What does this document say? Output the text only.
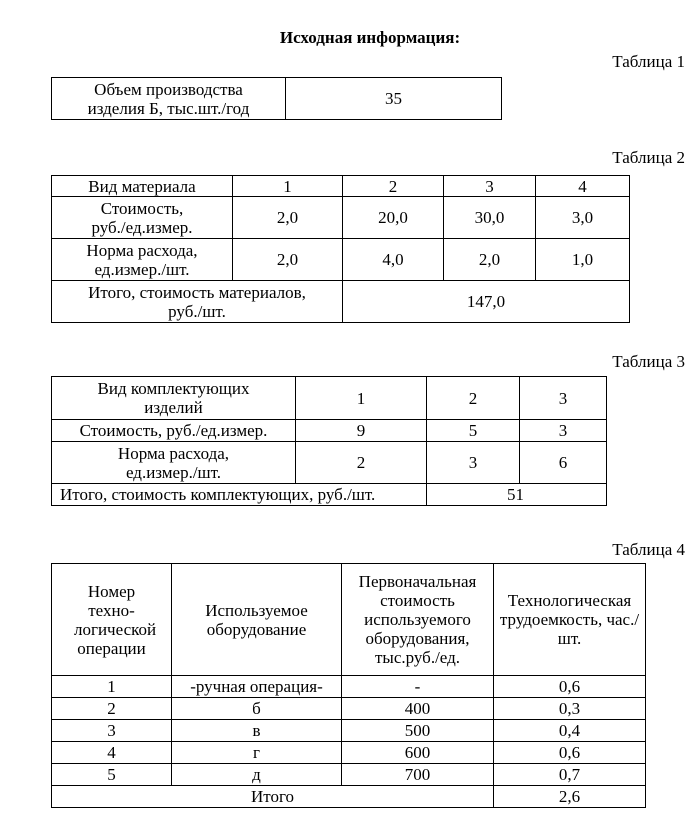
Исходная информация:
Таблица 1
Объем производства изделия Б, тыс.шт./год	35
Таблица 2
Вид материала	1	2	3	4
Стоимость, руб./ед.измер.	2,0	20,0	30,0	3,0
Норма расхода, ед.измер./шт.	2,0	4,0	2,0	1,0
Итого, стоимость материалов, руб./шт.		147,0		
Таблица 3
Вид комплектующих изделий	1	2	3
Стоимость, руб./ед.измер.	9	5	3
Норма расхода, ед.измер./шт.	2	3	6
Итого, стоимость комплектующих, руб./шт.		51	
Таблица 4
Номер техно-логической операции	Используемое оборудование	Первоначальная стоимость используемого оборудования, тыс.руб./ед.	Технологическая трудоемкость, час./шт.
1	-ручная операция-	-	0,6
2	б	400	0,3
3	в	500	0,4
4	г	600	0,6
5	д	700	0,7
Итого			2,6
